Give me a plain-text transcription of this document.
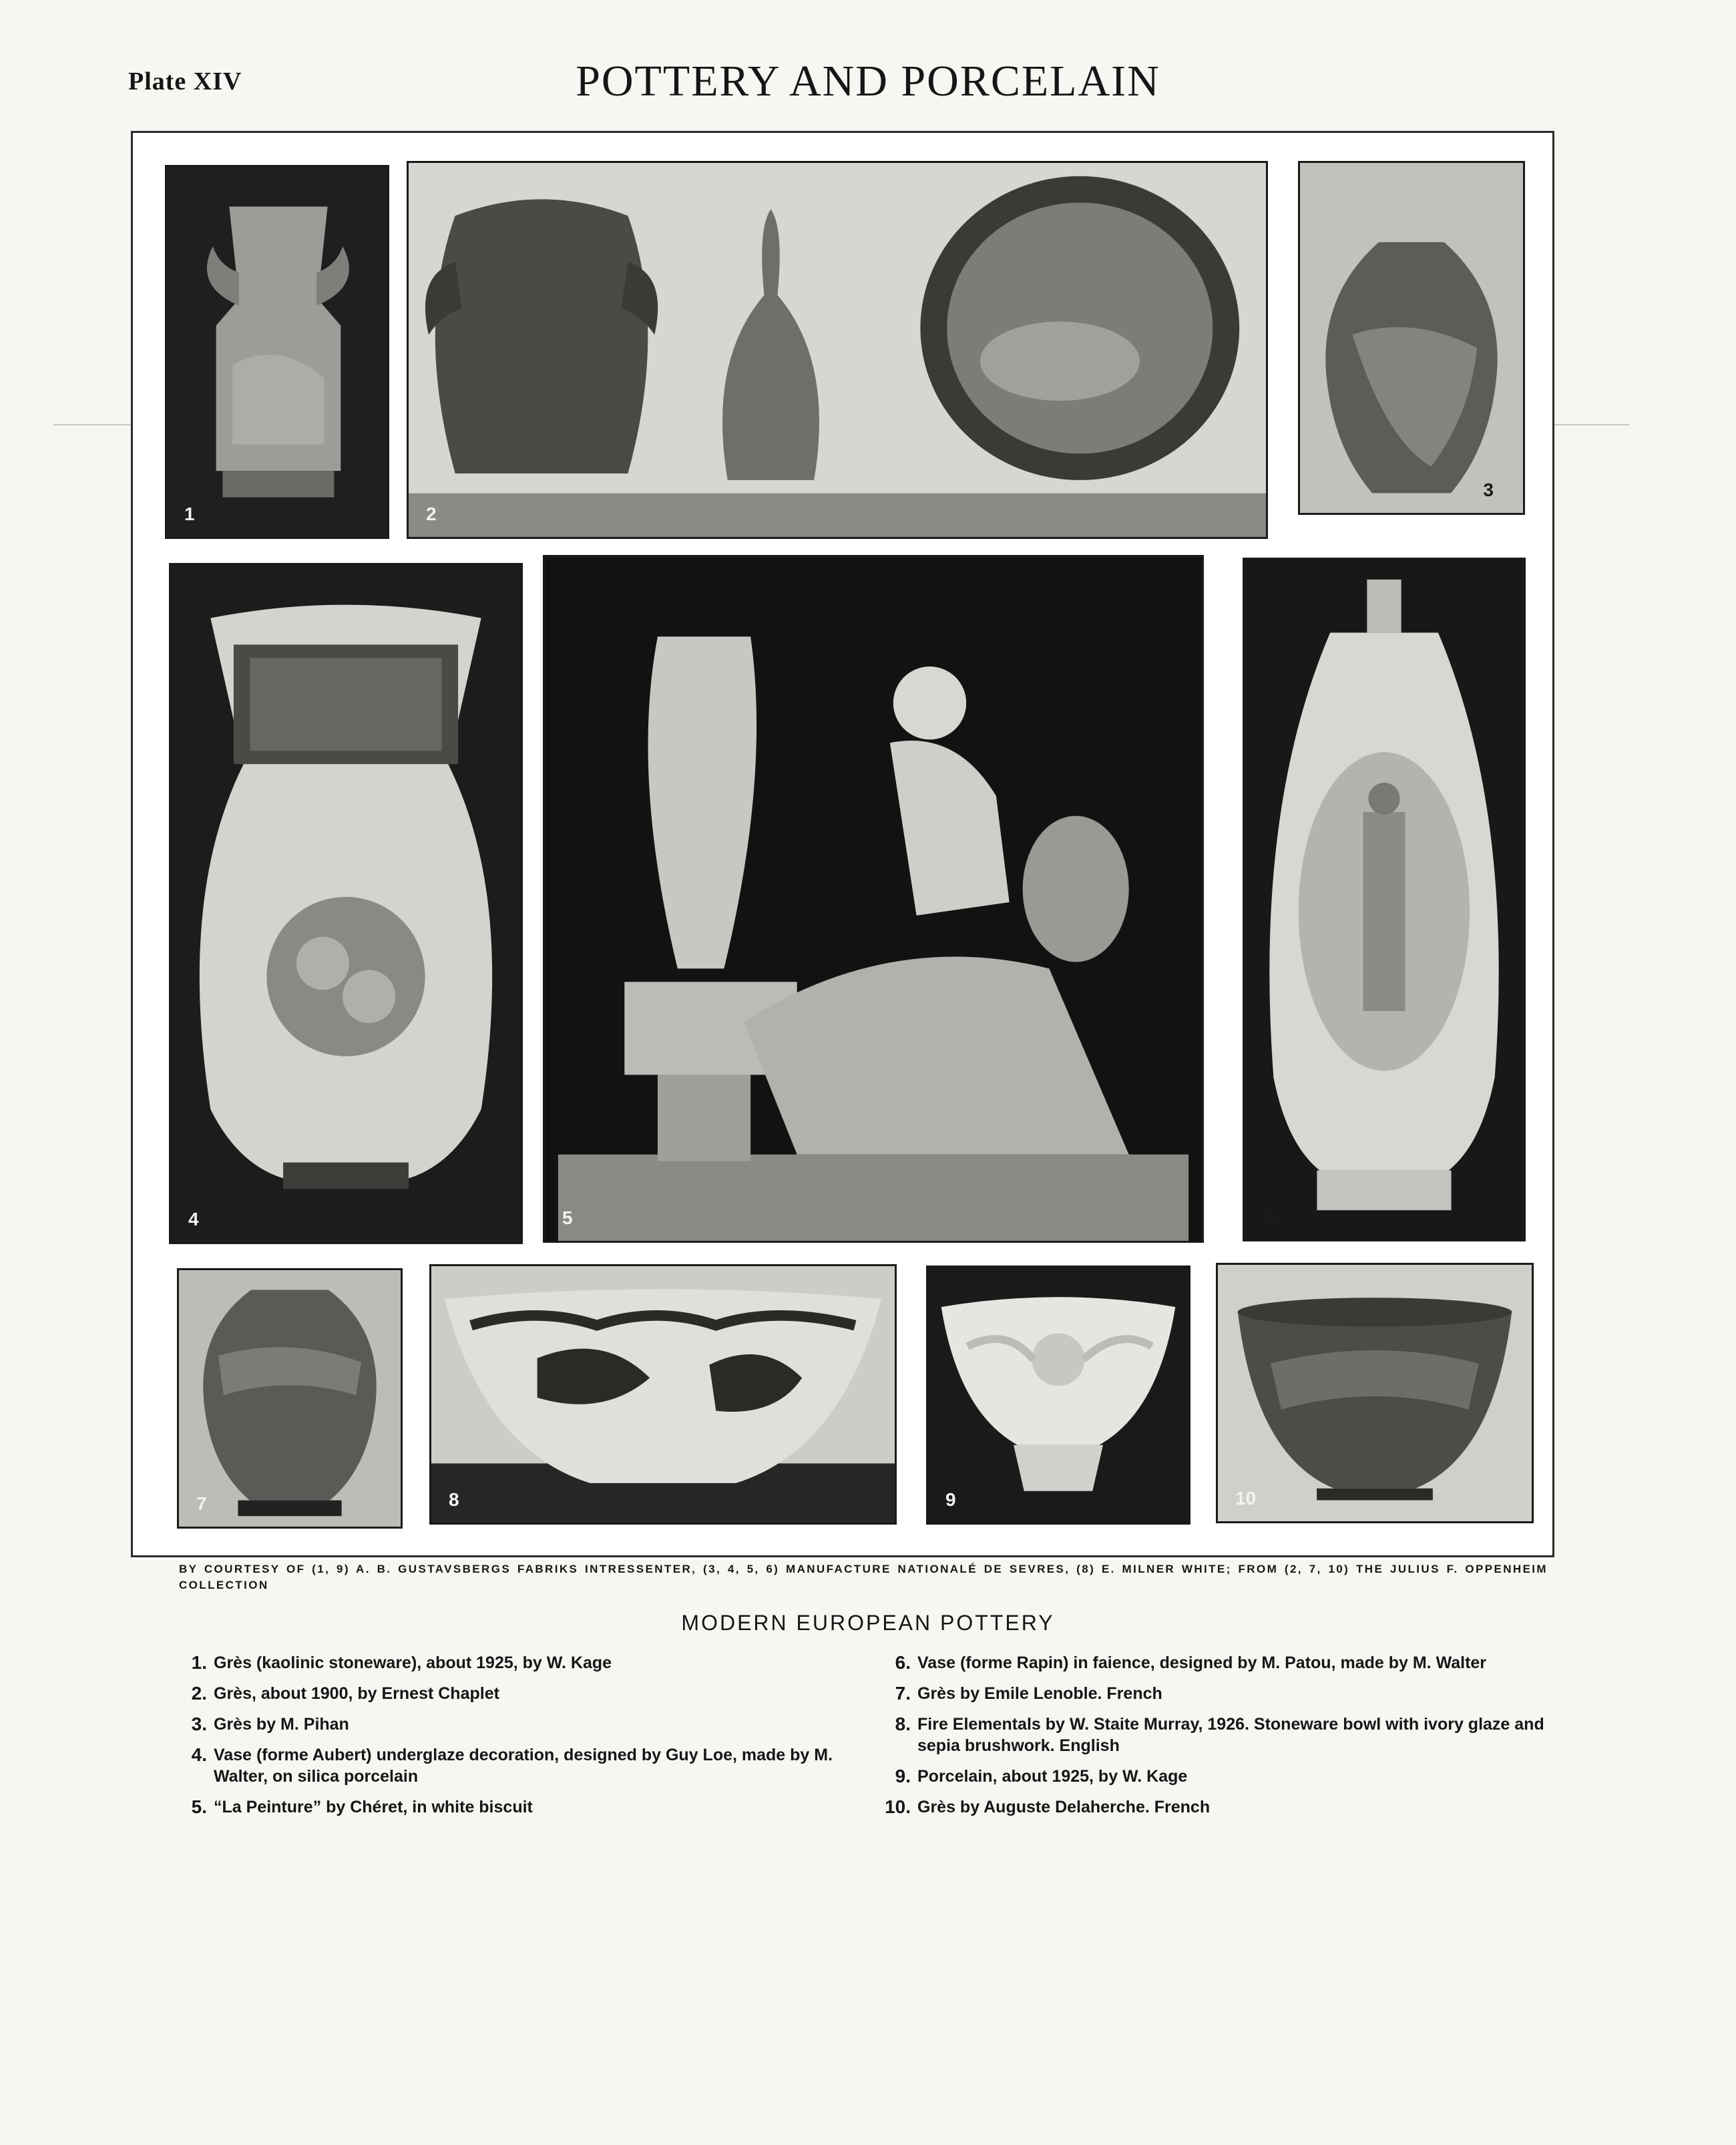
Plate XIV	POTTERY AND PORCELAIN
1	2
3
4	5	6
7	8	9	10
BY COURTESY OF (1, 9) A. B. GUSTAVSBERGS FABRIKS INTRESSENTER, (3, 4, 5, 6) MANUFACTURE NATIONALÉ DE SEVRES, (8) E. MILNER WHITE; FROM (2, 7, 10) THE JULIUS F. OPPENHEIM COLLECTION
MODERN EUROPEAN POTTERY
1. Grès (kaolinic stoneware), about 1925, by W. Kage
2. Grès, about 1900, by Ernest Chaplet
3. Grès by M. Pihan
4. Vase (forme Aubert) underglaze decoration, designed by Guy Loe, made by M. Walter, on silica porcelain
5. “La Peinture” by Chéret, in white biscuit
6. Vase (forme Rapin) in faience, designed by M. Patou, made by M. Walter
7. Grès by Emile Lenoble. French
8. Fire Elementals by W. Staite Murray, 1926. Stoneware bowl with ivory glaze and sepia brushwork. English
9. Porcelain, about 1925, by W. Kage
10. Grès by Auguste Delaherche. French
